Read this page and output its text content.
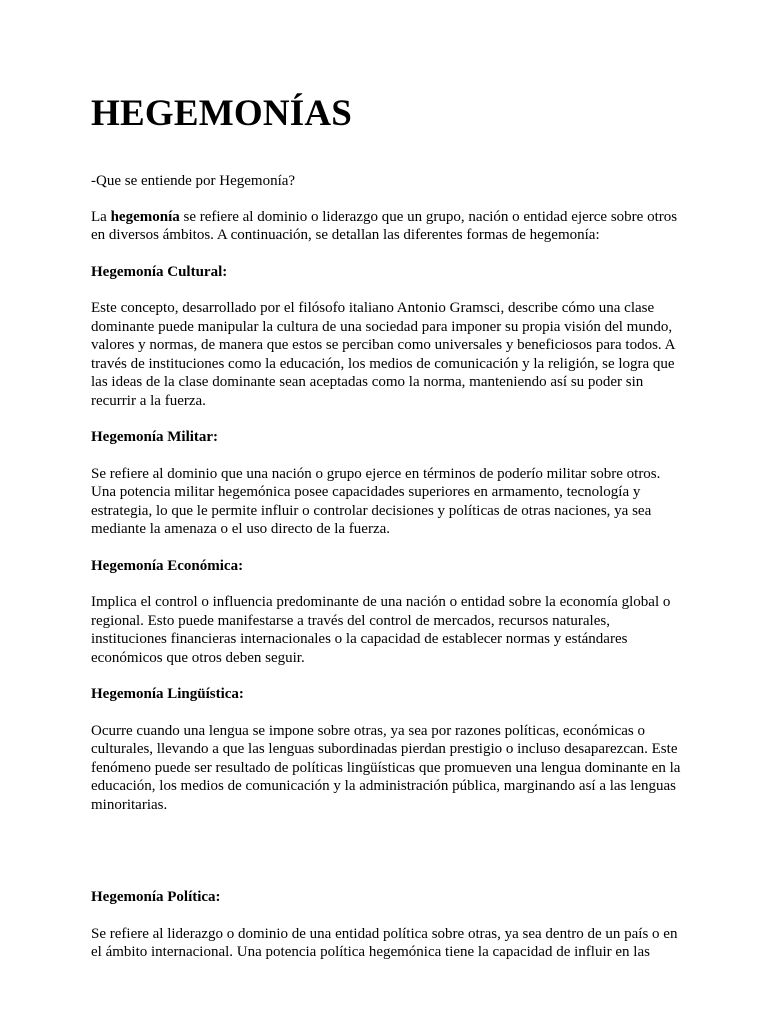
HEGEMONÍAS

-Que se entiende por Hegemonía?

La hegemonía se refiere al dominio o liderazgo que un grupo, nación o entidad ejerce sobre otros en diversos ámbitos. A continuación, se detallan las diferentes formas de hegemonía:

Hegemonía Cultural:

Este concepto, desarrollado por el filósofo italiano Antonio Gramsci, describe cómo una clase dominante puede manipular la cultura de una sociedad para imponer su propia visión del mundo, valores y normas, de manera que estos se perciban como universales y beneficiosos para todos. A través de instituciones como la educación, los medios de comunicación y la religión, se logra que las ideas de la clase dominante sean aceptadas como la norma, manteniendo así su poder sin recurrir a la fuerza.

Hegemonía Militar:

Se refiere al dominio que una nación o grupo ejerce en términos de poderío militar sobre otros. Una potencia militar hegemónica posee capacidades superiores en armamento, tecnología y estrategia, lo que le permite influir o controlar decisiones y políticas de otras naciones, ya sea mediante la amenaza o el uso directo de la fuerza.

Hegemonía Económica:

Implica el control o influencia predominante de una nación o entidad sobre la economía global o regional. Esto puede manifestarse a través del control de mercados, recursos naturales, instituciones financieras internacionales o la capacidad de establecer normas y estándares económicos que otros deben seguir.

Hegemonía Lingüística:

Ocurre cuando una lengua se impone sobre otras, ya sea por razones políticas, económicas o culturales, llevando a que las lenguas subordinadas pierdan prestigio o incluso desaparezcan. Este fenómeno puede ser resultado de políticas lingüísticas que promueven una lengua dominante en la educación, los medios de comunicación y la administración pública, marginando así a las lenguas minoritarias.

Hegemonía Política:

Se refiere al liderazgo o dominio de una entidad política sobre otras, ya sea dentro de un país o en el ámbito internacional. Una potencia política hegemónica tiene la capacidad de influir en las
